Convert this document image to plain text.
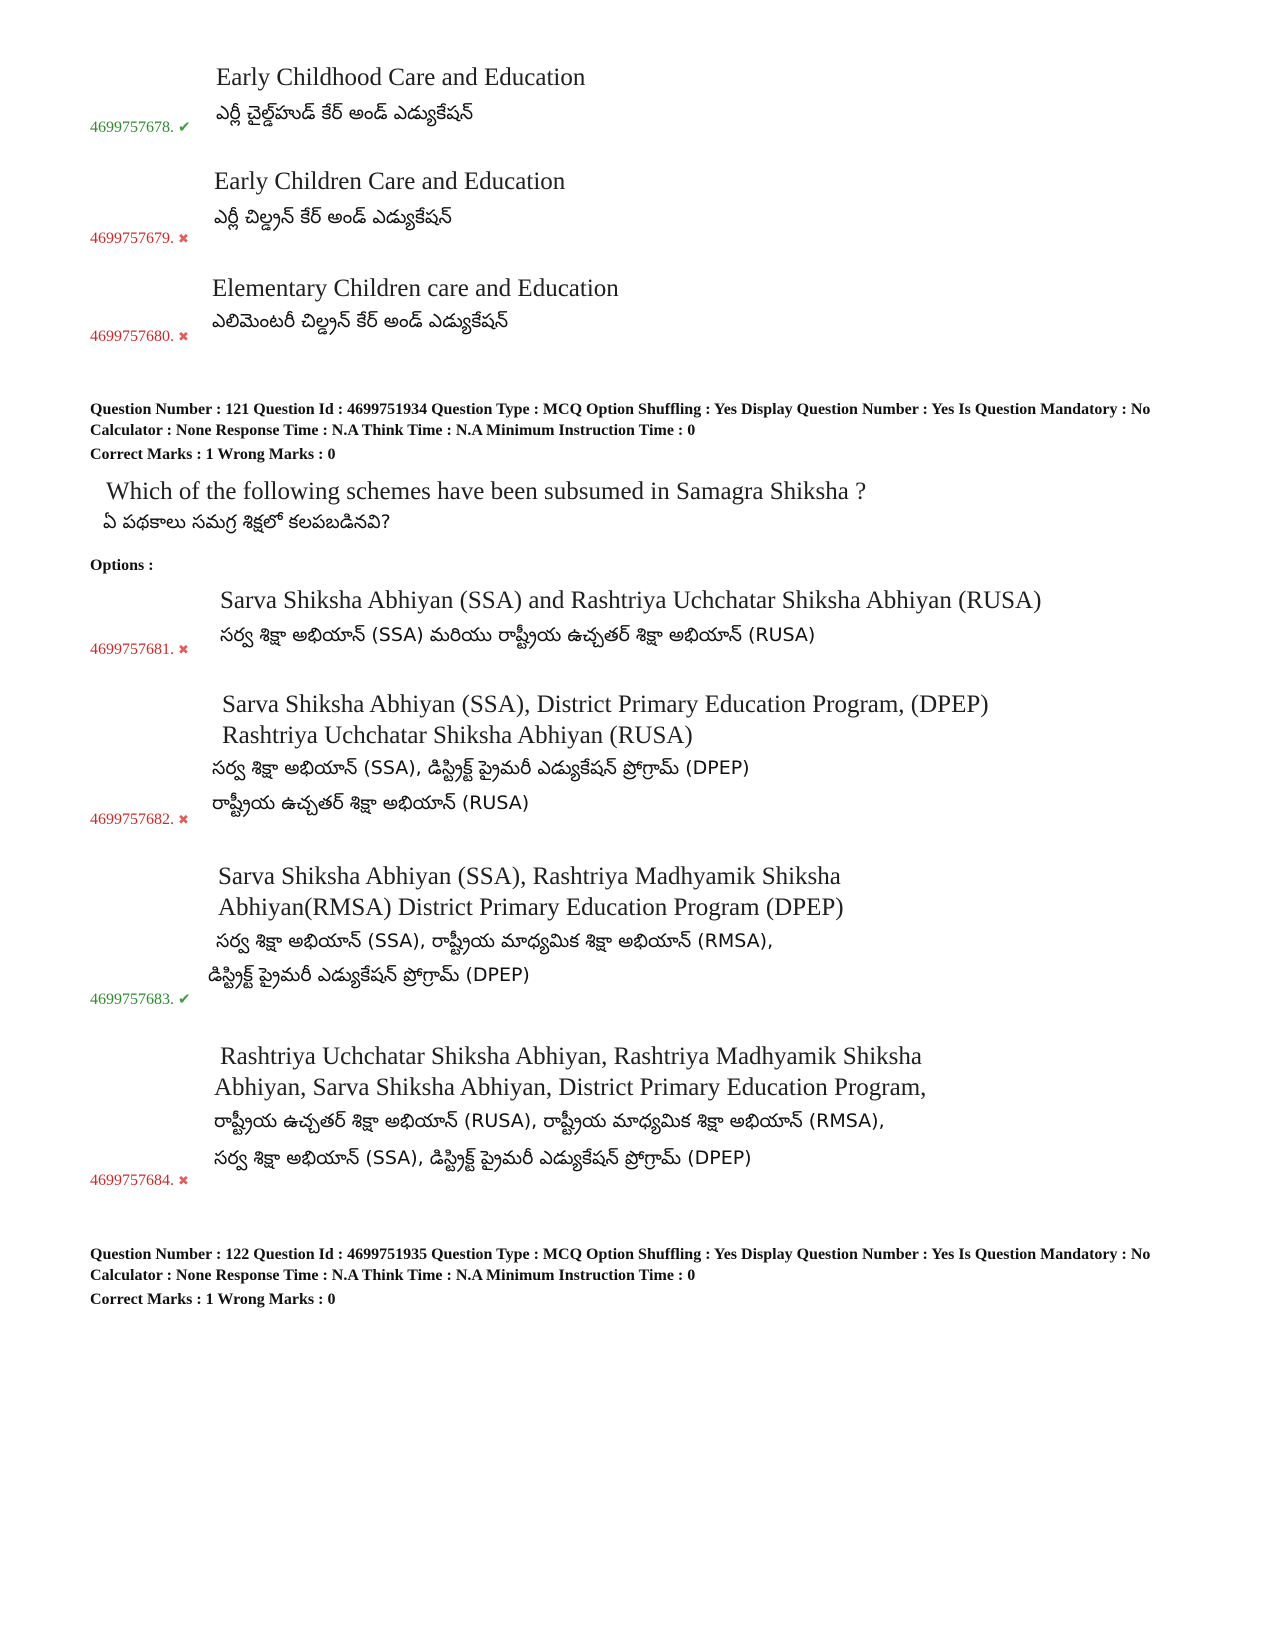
Early Childhood Care and Education
ఎర్లీ చైల్డ్‌హుడ్ కేర్ అండ్ ఎడ్యుకేషన్
4699757678. ✔
Early Children Care and Education
ఎర్లీ చిల్డ్రన్ కేర్ అండ్ ఎడ్యుకేషన్
4699757679. ✖
Elementary Children care and Education
ఎలిమెంటరీ చిల్డ్రన్ కేర్ అండ్ ఎడ్యుకేషన్
4699757680. ✖
Question Number : 121 Question Id : 4699751934 Question Type : MCQ Option Shuffling : Yes Display Question Number : Yes Is Question Mandatory : No Calculator : None Response Time : N.A Think Time : N.A Minimum Instruction Time : 0
Correct Marks : 1 Wrong Marks : 0
Which of the following schemes have been subsumed in Samagra Shiksha ?
ఏ పథకాలు సమగ్ర శిక్షలో కలపబడినవి?
Options :
Sarva Shiksha Abhiyan (SSA) and Rashtriya Uchchatar Shiksha Abhiyan (RUSA)
సర్వ శిక్షా అభియాన్ (SSA) మరియు రాష్ట్రీయ ఉచ్చతర్ శిక్షా అభియాన్ (RUSA)
4699757681. ✖
Sarva Shiksha Abhiyan (SSA), District Primary Education Program, (DPEP)
Rashtriya Uchchatar Shiksha Abhiyan (RUSA)
సర్వ శిక్షా అభియాన్ (SSA), డిస్ట్రిక్ట్ ప్రైమరీ ఎడ్యుకేషన్ ప్రోగ్రామ్ (DPEP)
రాష్ట్రీయ ఉచ్చతర్ శిక్షా అభియాన్ (RUSA)
4699757682. ✖
Sarva Shiksha Abhiyan (SSA), Rashtriya Madhyamik Shiksha
Abhiyan(RMSA) District Primary Education Program (DPEP)
సర్వ శిక్షా అభియాన్ (SSA), రాష్ట్రీయ మాధ్యమిక శిక్షా అభియాన్ (RMSA),
డిస్ట్రిక్ట్ ప్రైమరీ ఎడ్యుకేషన్ ప్రోగ్రామ్ (DPEP)
4699757683. ✔
Rashtriya Uchchatar Shiksha Abhiyan, Rashtriya Madhyamik Shiksha
Abhiyan, Sarva Shiksha Abhiyan, District Primary Education Program,
రాష్ట్రీయ ఉచ్చతర్ శిక్షా అభియాన్ (RUSA), రాష్ట్రీయ మాధ్యమిక శిక్షా అభియాన్ (RMSA),
సర్వ శిక్షా అభియాన్ (SSA), డిస్ట్రిక్ట్ ప్రైమరీ ఎడ్యుకేషన్ ప్రోగ్రామ్ (DPEP)
4699757684. ✖
Question Number : 122 Question Id : 4699751935 Question Type : MCQ Option Shuffling : Yes Display Question Number : Yes Is Question Mandatory : No Calculator : None Response Time : N.A Think Time : N.A Minimum Instruction Time : 0
Correct Marks : 1 Wrong Marks : 0
